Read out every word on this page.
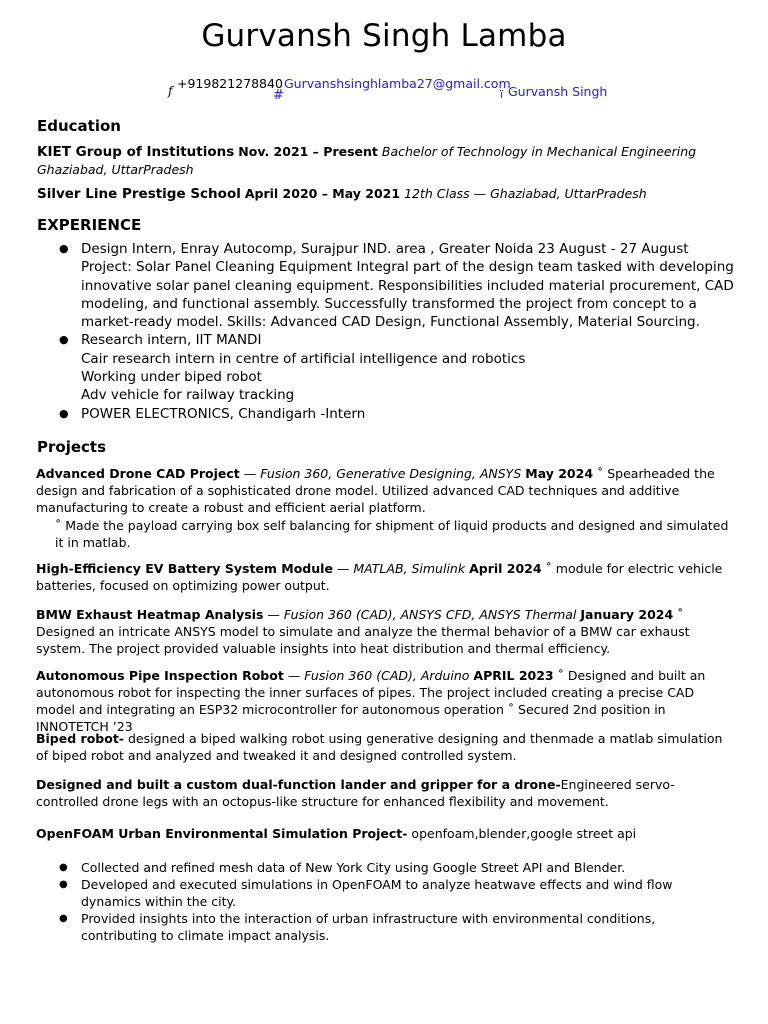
Gurvansh Singh Lamba
f +919821278840
#
Gurvanshsinghlamba27@gmail.com
ï Gurvansh Singh
Education
KIET Group of Institutions Nov. 2021 – Present Bachelor of Technology in Mechanical Engineering Ghaziabad, UttarPradesh
Silver Line Prestige School April 2020 – May 2021 12th Class — Ghaziabad, UttarPradesh
EXPERIENCE
● Design Intern, Enray Autocomp, Surajpur IND. area , Greater Noida 23 August - 27 August
Project: Solar Panel Cleaning Equipment Integral part of the design team tasked with developing innovative solar panel cleaning equipment. Responsibilities included material procurement, CAD modeling, and functional assembly. Successfully transformed the project from concept to a market-ready model. Skills: Advanced CAD Design, Functional Assembly, Material Sourcing.
● Research intern, IIT MANDI
Cair research intern in centre of artificial intelligence and robotics
Working under biped robot
Adv vehicle for railway tracking
● POWER ELECTRONICS, Chandigarh -Intern
Projects
Advanced Drone CAD Project — Fusion 360, Generative Designing, ANSYS May 2024 ˚ Spearheaded the design and fabrication of a sophisticated drone model. Utilized advanced CAD techniques and additive manufacturing to create a robust and efficient aerial platform.
˚ Made the payload carrying box self balancing for shipment of liquid products and designed and simulated it in matlab.
High-Efficiency EV Battery System Module — MATLAB, Simulink April 2024 ˚ module for electric vehicle batteries, focused on optimizing power output.
BMW Exhaust Heatmap Analysis — Fusion 360 (CAD), ANSYS CFD, ANSYS Thermal January 2024 ˚ Designed an intricate ANSYS model to simulate and analyze the thermal behavior of a BMW car exhaust system. The project provided valuable insights into heat distribution and thermal efficiency.
Autonomous Pipe Inspection Robot — Fusion 360 (CAD), Arduino APRIL 2023 ˚ Designed and built an autonomous robot for inspecting the inner surfaces of pipes. The project included creating a precise CAD model and integrating an ESP32 microcontroller for autonomous operation ˚ Secured 2nd position in INNOTETCH ’23
Biped robot- designed a biped walking robot using generative designing and thenmade a matlab simulation of biped robot and analyzed and tweaked it and designed controlled system.
Designed and built a custom dual-function lander and gripper for a drone-Engineered servo-controlled drone legs with an octopus-like structure for enhanced flexibility and movement.
OpenFOAM Urban Environmental Simulation Project- openfoam,blender,google street api
● Collected and refined mesh data of New York City using Google Street API and Blender.
● Developed and executed simulations in OpenFOAM to analyze heatwave effects and wind flow dynamics within the city.
● Provided insights into the interaction of urban infrastructure with environmental conditions, contributing to climate impact analysis.
